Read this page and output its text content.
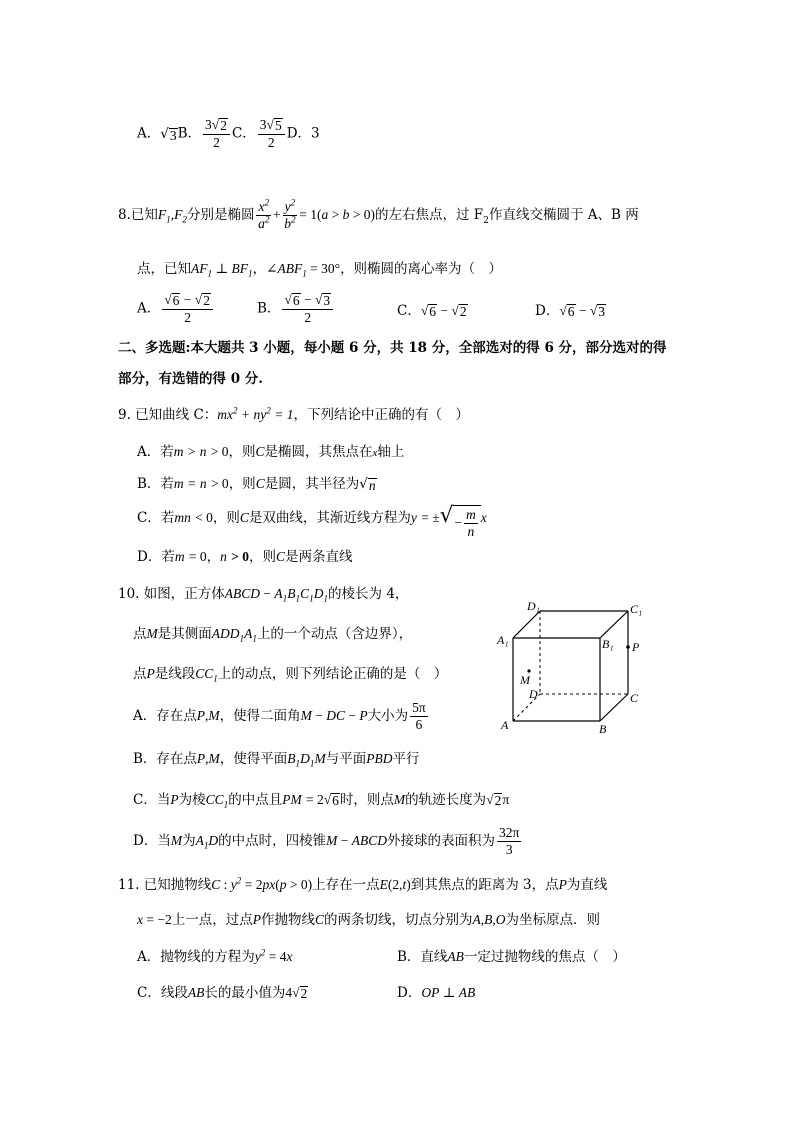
A． √ 3 B． $\frac{3 √ 2}{2}$ C． $\frac{3 √ 5}{2}$ D．3
8.已知$F_1,F_2$分别是椭圆 $\frac{x^2}{a^2} + \frac{y^2}{b^2} = 1(a > b > 0)$的左右焦点，过 $F_2$作直线交椭圆于 A、B 两
点，已知$AF_1$ ⊥ $BF_1$，$\angle ABF_1 = 30^\circ$，则椭圆的离心率为（　）
A． $\frac{√ 6 - √ 2}{2}$	B． $\frac{√ 6 - √ 3}{2}$	C． √ 6 − √ 2	D． √ 6 − √ 3
二、多选题:本大题共 3 小题，每小题 6 分，共 18 分，全部选对的得 6 分，部分选对的得
部分，有选错的得 0 分.
9. 已知曲线 C：$mx^2 + ny^2 = 1$，下列结论中正确的有（　）
A．若m > n > 0，则C是椭圆，其焦点在x轴上
B．若m = n > 0，则C是圆，其半径为 √ n
C．若mn < 0，则C是双曲线，其渐近线方程为y = ± √ − $\frac{m}{n}$ x
D．若m = 0，n > 0，则C是两条直线
10. 如图，正方体ABCD − $A_1B_1C_1D_1$的棱长为 4，
点M是其侧面$ADD_1A_1$上的一个动点（含边界），
点P是线段$CC_1$上的动点，则下列结论正确的是（　）
A．存在点P,M，使得二面角M − DC − P大小为 $\frac{5\pi}{6}$
B．存在点P,M，使得平面$B_1D_1M$与平面PBD平行
C．当P为棱$CC_1$的中点且PM = 2 √ 6 时，则点M的轨迹长度为 √ 2 π
D．当M为$A_1D$的中点时，四棱锥M − ABCD外接球的表面积为 $\frac{32\pi}{3}$
D₁	C₁
A₁	B₁ P
M
D	C
A	B
11. 已知抛物线C : $y^2 = 2px(p > 0)$上存在一点E(2,t)到其焦点的距离为 3，点P为直线
x = −2上一点，过点P作抛物线C的两条切线，切点分别为A,B,O为坐标原点．则
A．抛物线的方程为$y^2 = 4x$	B．直线AB一定过抛物线的焦点（　）
C．线段AB长的最小值为4 √ 2	D．OP ⊥ AB
